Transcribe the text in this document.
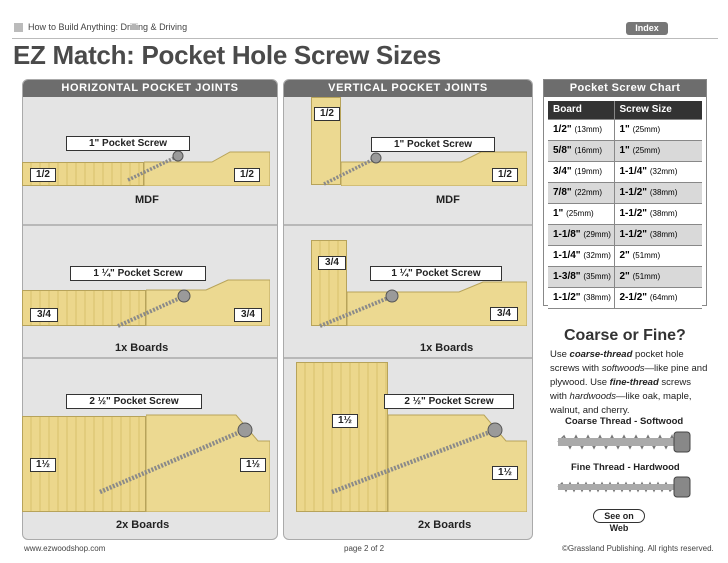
How to Build Anything: Drilling & Driving	Index
EZ Match: Pocket Hole Screw Sizes
HORIZONTAL POCKET JOINTS
1" Pocket Screw
1/2	1/2
MDF
1 ¼" Pocket Screw
3/4	3/4
1x Boards
2 ½" Pocket Screw
1½	1½
2x Boards
VERTICAL POCKET JOINTS
1/2
1" Pocket Screw
1/2
MDF
3/4
1 ¼" Pocket Screw
3/4
1x Boards
1½
2 ½" Pocket Screw
1½
2x Boards
Pocket Screw Chart
Board	Screw Size
1/2" (13mm)	1" (25mm)
5/8" (16mm)	1" (25mm)
3/4" (19mm)	1-1/4" (32mm)
7/8" (22mm)	1-1/2" (38mm)
1" (25mm)	1-1/2" (38mm)
1-1/8" (29mm)	1-1/2" (38mm)
1-1/4" (32mm)	2" (51mm)
1-3/8" (35mm)	2" (51mm)
1-1/2" (38mm)	2-1/2" (64mm)
Coarse or Fine?
Use coarse-thread pocket hole screws with softwoods—like pine and plywood. Use fine-thread screws with hardwoods—like oak, maple, walnut, and cherry.
Coarse Thread - Softwood
Fine Thread - Hardwood
See on Web
www.ezwoodshop.com	page 2 of 2	©Grassland Publishing. All rights reserved.
